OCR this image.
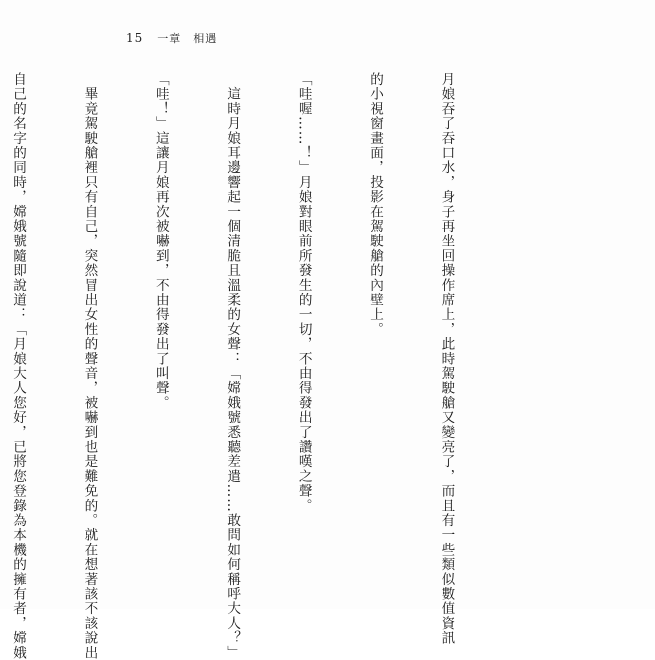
15 一章　相遇

月娘吞了吞口水，身子再坐回操作席上，此時駕駛艙又變亮了，而且有一些類似數值資訊

的小視窗畫面，投影在駕駛艙的內壁上。

「哇喔……！」月娘對眼前所發生的一切，不由得發出了讚嘆之聲。

　這時月娘耳邊響起一個清脆且溫柔的女聲：「嫦娥號悉聽差遣……敢問如何稱呼大人？」

「哇！」這讓月娘再次被嚇到，不由得發出了叫聲。

　畢竟駕駛艙裡只有自己，突然冒出女性的聲音，被嚇到也是難免的。就在想著該不該說出

自己的名字的同時，嫦娥號隨即說道：「月娘大人您好，已將您登錄為本機的擁有者，嫦娥
